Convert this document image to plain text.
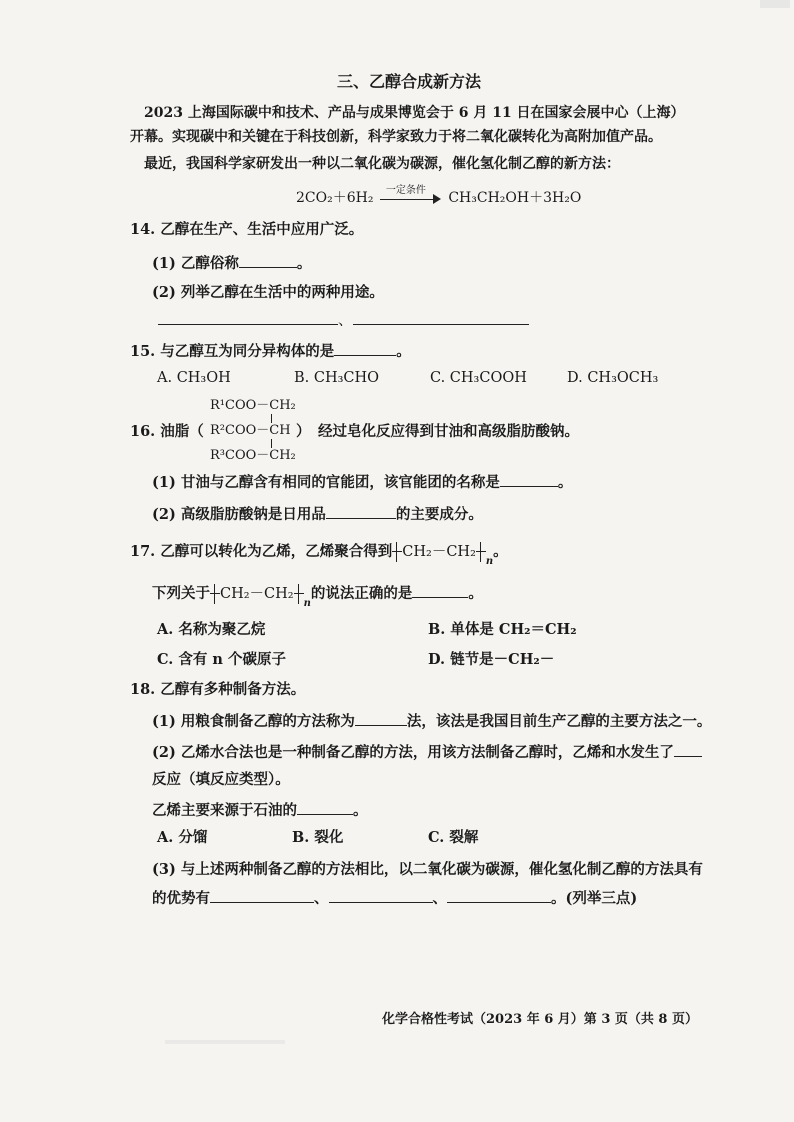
三、乙醇合成新方法
2023 上海国际碳中和技术、产品与成果博览会于 6 月 11 日在国家会展中心（上海）
开幕。实现碳中和关键在于科技创新，科学家致力于将二氧化碳转化为高附加值产品。
最近，我国科学家研发出一种以二氧化碳为碳源，催化氢化制乙醇的新方法：
2CO₂＋6H₂ 一定条件 CH₃CH₂OH＋3H₂O
14. 乙醇在生产、生活中应用广泛。
(1) 乙醇俗称	。
(2) 列举乙醇在生活中的两种用途。
、
15. 与乙醇互为同分异构体的是	。
A. CH₃OH	B. CH₃CHO	C. CH₃COOH	D. CH₃OCH₃
R¹COO－CH₂
R²COO－CH
R³COO－CH₂
16. 油脂（	） 经过皂化反应得到甘油和高级脂肪酸钠。
(1) 甘油与乙醇含有相同的官能团，该官能团的名称是	。
(2) 高级脂肪酸钠是日用品	的主要成分。
17. 乙醇可以转化为乙烯，乙烯聚合得到 $CH_2-CH_2_n$。
下列关于 $CH_2-CH_2_n$的说法正确的是	。
A. 名称为聚乙烷	B. 单体是 CH₂＝CH₂
C. 含有 n 个碳原子	D. 链节是－CH₂－
18. 乙醇有多种制备方法。
(1) 用粮食制备乙醇的方法称为	法，该法是我国目前生产乙醇的主要方法之一。
(2) 乙烯水合法也是一种制备乙醇的方法，用该方法制备乙醇时，乙烯和水发生了
反应（填反应类型）。
乙烯主要来源于石油的	。
A. 分馏	B. 裂化	C. 裂解
(3) 与上述两种制备乙醇的方法相比，以二氧化碳为碳源，催化氢化制乙醇的方法具有
的优势有	、	、	。(列举三点)
化学合格性考试（2023 年 6 月）第 3 页（共 8 页）
